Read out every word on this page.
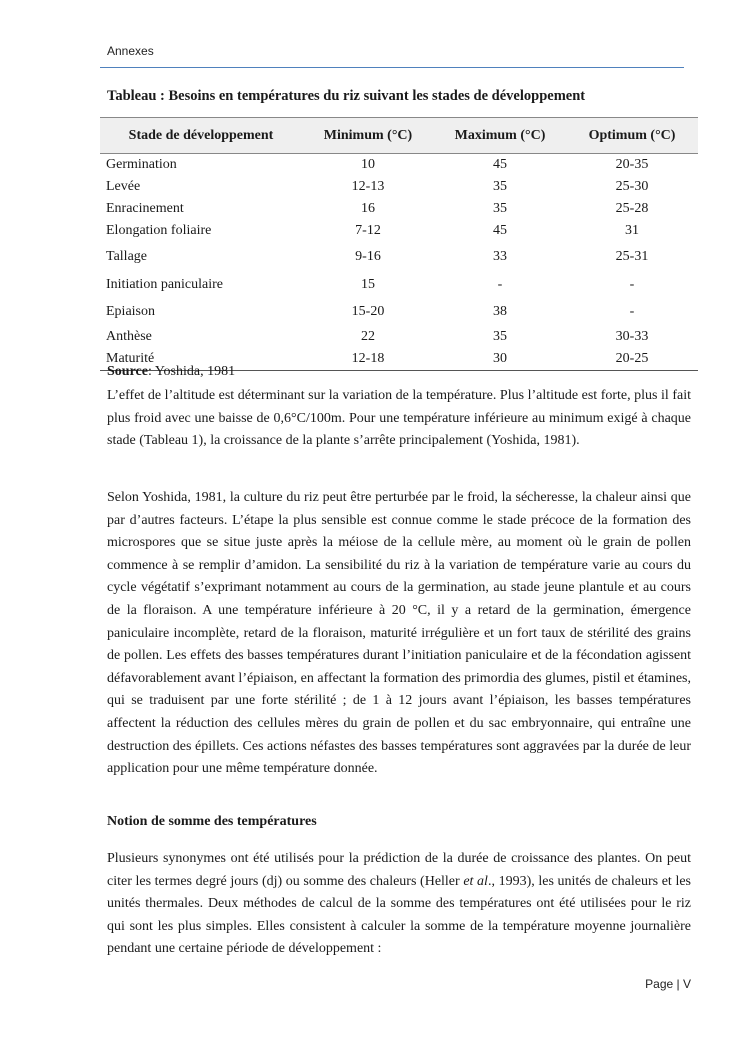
Annexes
Tableau : Besoins en températures du riz suivant les stades de développement
Stade de développement	Minimum (°C)	Maximum (°C)	Optimum (°C)
Germination	10	45	20-35
Levée	12-13	35	25-30
Enracinement	16	35	25-28
Elongation foliaire	7-12	45	31
Tallage	9-16	33	25-31
Initiation paniculaire	15	-	-
Epiaison	15-20	38	-
Anthèse	22	35	30-33
Maturité	12-18	30	20-25
Source: Yoshida, 1981

L’effet de l’altitude est déterminant sur la variation de la température. Plus l’altitude est forte, plus il fait plus froid avec une baisse de 0,6°C/100m. Pour une température inférieure au minimum exigé à chaque stade (Tableau 1), la croissance de la plante s’arrête principalement (Yoshida, 1981).

Selon Yoshida, 1981, la culture du riz peut être perturbée par le froid, la sécheresse, la chaleur ainsi que par d’autres facteurs. L’étape la plus sensible est connue comme le stade précoce de la formation des microspores que se situe juste après la méiose de la cellule mère, au moment où le grain de pollen commence à se remplir d’amidon. La sensibilité du riz à la variation de température varie au cours du cycle végétatif s’exprimant notamment au cours de la germination, au stade jeune plantule et au cours de la floraison. A une température inférieure à 20 °C, il y a retard de la germination, émergence paniculaire incomplète, retard de la floraison, maturité irrégulière et un fort taux de stérilité des grains de pollen. Les effets des basses températures durant l’initiation paniculaire et de la fécondation agissent défavorablement avant l’épiaison, en affectant la formation des primordia des glumes, pistil et étamines, qui se traduisent par une forte stérilité ; de 1 à 12 jours avant l’épiaison, les basses températures affectent la réduction des cellules mères du grain de pollen et du sac embryonnaire, qui entraîne une destruction des épillets. Ces actions néfastes des basses températures sont aggravées par la durée de leur application pour une même température donnée.

Notion de somme des températures

Plusieurs synonymes ont été utilisés pour la prédiction de la durée de croissance des plantes. On peut citer les termes degré jours (dj) ou somme des chaleurs (Heller et al., 1993), les unités de chaleurs et les unités thermales. Deux méthodes de calcul de la somme des températures ont été utilisées pour le riz qui sont les plus simples. Elles consistent à calculer la somme de la température moyenne journalière pendant une certaine période de développement :

Page | V
